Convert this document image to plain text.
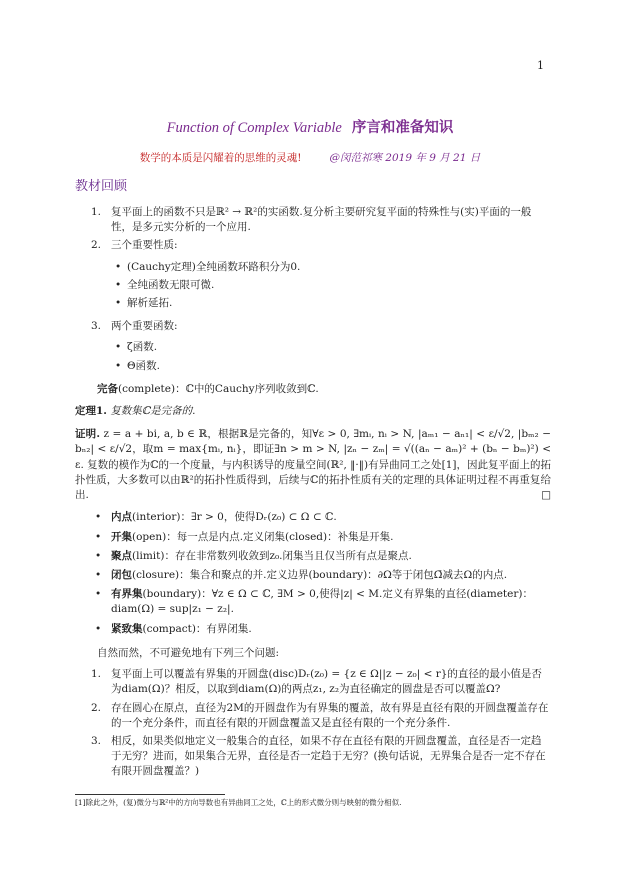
1
Function of Complex Variable 序言和准备知识
数学的本质是闪耀着的思维的灵魂!	@闵范祁寒 2019 年 9 月 21 日
教材回顾
1. 复平面上的函数不只是ℝ² → ℝ²的实函数.复分析主要研究复平面的特殊性与(实)平面的一般性，是多元实分析的一个应用.
2. 三个重要性质:
• (Cauchy定理)全纯函数环路积分为0.
• 全纯函数无限可微.
• 解析延拓.
3. 两个重要函数:
• ζ函数.
• Θ函数.
完备(complete)：ℂ中的Cauchy序列收敛到ℂ.
定理1. 复数集ℂ是完备的.
证明. z = a + bi, a, b ∈ ℝ，根据ℝ是完备的，知∀ε > 0, ∃mᵢ, nᵢ > N, |aₘ₁ − aₙ₁| < ε/√2, |bₘ₂ − bₙ₂| < ε/√2，取m = max{mᵢ, nᵢ}，即证∃n > m > N, |zₙ − zₘ| = √((aₙ − aₘ)² + (bₙ − bₘ)²) < ε. 复数的模作为ℂ的一个度量，与内积诱导的度量空间(ℝ², ‖·‖)有异曲同工之处[1]，因此复平面上的拓扑性质，大多数可以由ℝ²的拓扑性质得到，后续与ℂ的拓扑性质有关的定理的具体证明过程不再重复给出.	□
• 内点(interior)：∃r > 0，使得Dᵣ(z₀) ⊂ Ω ⊂ ℂ.
• 开集(open)：每一点是内点.定义闭集(closed)：补集是开集.
• 聚点(limit)：存在非常数列收敛到z₀.闭集当且仅当所有点是聚点.
• 闭包(closure)：集合和聚点的并.定义边界(boundary)：∂Ω等于闭包Ω̄减去Ω的内点.
• 有界集(boundary)：∀z ∈ Ω ⊂ ℂ, ∃M > 0,使得|z| < M.定义有界集的直径(diameter)：diam(Ω) = sup|z₁ − z₂|.
• 紧致集(compact)：有界闭集.
自然而然，不可避免地有下列三个问题:
1. 复平面上可以覆盖有界集的开圆盘(disc)Dᵣ(z₀) = {z ∈ Ω||z − z₀| < r}的直径的最小值是否为diam(Ω)？相反，以取到diam(Ω)的两点z₁, z₂为直径确定的圆盘是否可以覆盖Ω?
2. 存在圆心在原点，直径为2M的开圆盘作为有界集的覆盖，故有界是直径有限的开圆盘覆盖存在的一个充分条件，而直径有限的开圆盘覆盖又是直径有限的一个充分条件.
3. 相反，如果类似地定义一般集合的直径，如果不存在直径有限的开圆盘覆盖，直径是否一定趋于无穷？进而，如果集合无界，直径是否一定趋于无穷？(换句话说，无界集合是否一定不存在有限开圆盘覆盖？)
[1]除此之外，(复)微分与ℝ²中的方向导数也有异曲同工之处，ℂ上的形式微分则与映射的微分相似.
